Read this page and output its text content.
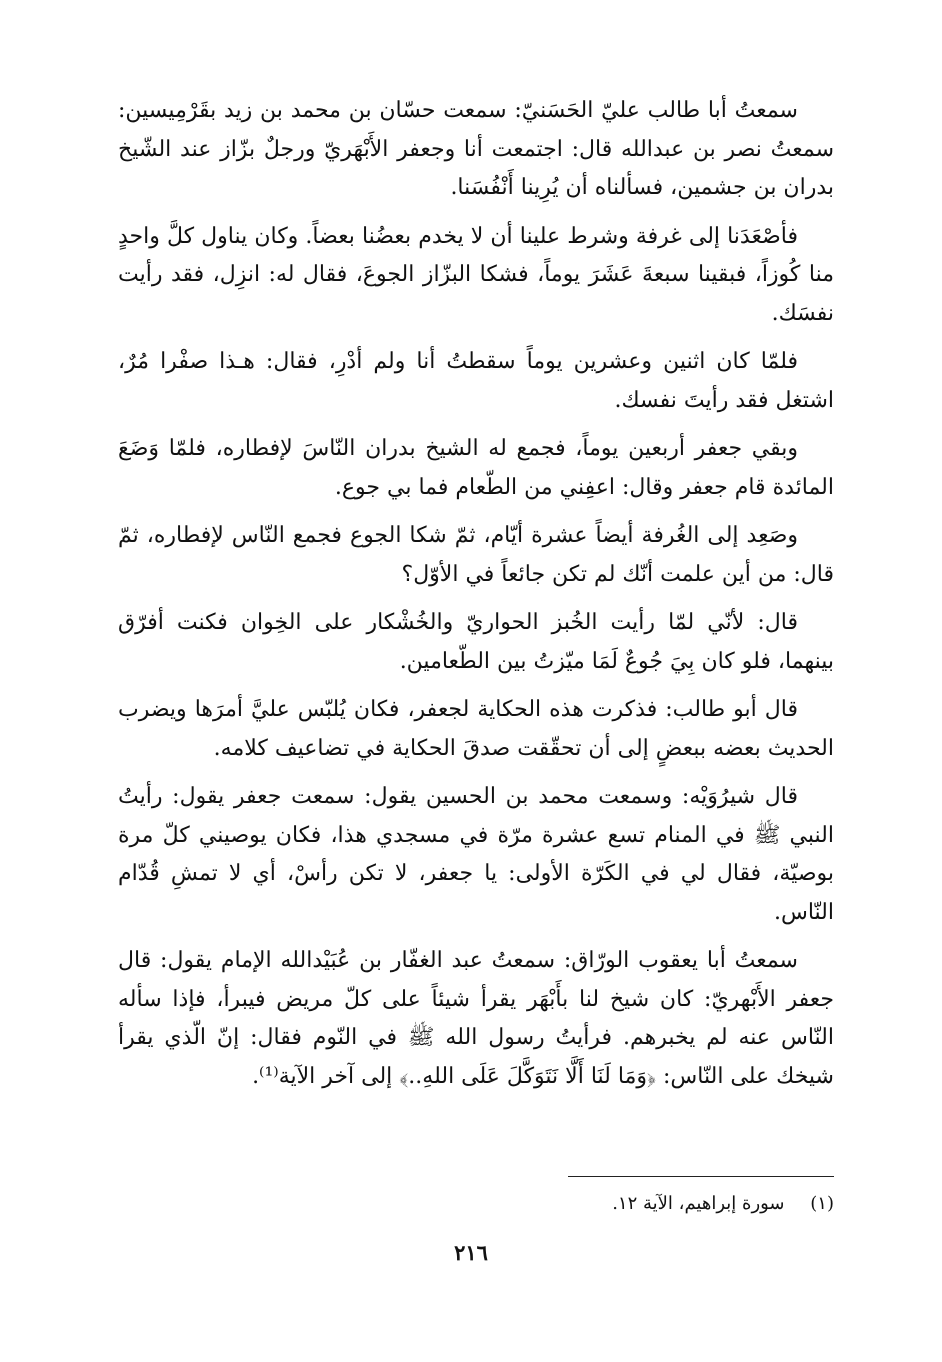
سمعتُ أبا طالب عليّ الحَسَنيّ: سمعت حسّان بن محمد بن زيد بقَرْمِيسين: سمعتُ نصر بن عبدالله قال: اجتمعت أنا وجعفر الأَبْهَريّ ورجلٌ بزّاز عند الشّيخ بدران بن جشمين، فسألناه أن يُرِينا أَنْفُسَنا.

فأصْعَدَنا إلى غرفة وشرط علينا أن لا يخدم بعضُنا بعضاً. وكان يناول كلَّ واحدٍ منا كُوزاً، فبقينا سبعةَ عَشَرَ يوماً، فشكا البزّاز الجوعَ، فقال له: انزِل، فقد رأيت نفسَك.

فلمّا كان اثنين وعشرين يوماً سقطتُ أنا ولم أدْرِ، فقال: هـذا صفْرا مُرٌ، اشتغل فقد رأيتَ نفسك.

وبقي جعفر أربعين يوماً، فجمع له الشيخ بدران النّاسَ لإفطاره، فلمّا وَضَعَ المائدة قام جعفر وقال: اعفِني من الطّعام فما بي جوع.

وصَعِد إلى الغُرفة أيضاً عشرة أيّام، ثمّ شكا الجوع فجمع النّاس لإفطاره، ثمّ قال: من أين علمت أنّك لم تكن جائعاً في الأوّل؟

قال: لأنّي لمّا رأيت الخُبز الحواريّ والخُشْكار على الخِوان فكنت أفرّق بينهما، فلو كان بِيَ جُوعٌ لَمَا ميّزتُ بين الطّعامين.

قال أبو طالب: فذكرت هذه الحكاية لجعفر، فكان يُلبّس عليَّ أمرَها ويضرب الحديث بعضه ببعضٍ إلى أن تحقّقت صدقَ الحكاية في تضاعيف كلامه.

قال شيرُوَيْه: وسمعت محمد بن الحسين يقول: سمعت جعفر يقول: رأيتُ النبي ﷺ في المنام تسع عشرة مرّة في مسجدي هذا، فكان يوصيني كلّ مرة بوصيّة، فقال لي في الكَرّة الأولى: يا جعفر، لا تكن رأسْ، أي لا تمشِ قُدّام النّاس.

سمعتُ أبا يعقوب الورّاق: سمعتُ عبد الغفّار بن عُبَيْدالله الإمام يقول: قال جعفر الأَبْهريّ: كان شيخ لنا بأَبْهَر يقرأ شيئاً على كلّ مريض فيبرأ، فإذا سأله النّاس عنه لم يخبرهم. فرأيتُ رسول الله ﷺ في النّوم فقال: إنّ الّذي يقرأ شيخك على النّاس: ﴿وَمَا لَنَا أَلَّا نَتَوَكَّلَ عَلَى اللهِ..﴾ إلى آخر الآية⁽¹⁾.

(١) سورة إبراهيم، الآية ١٢.
٢١٦
